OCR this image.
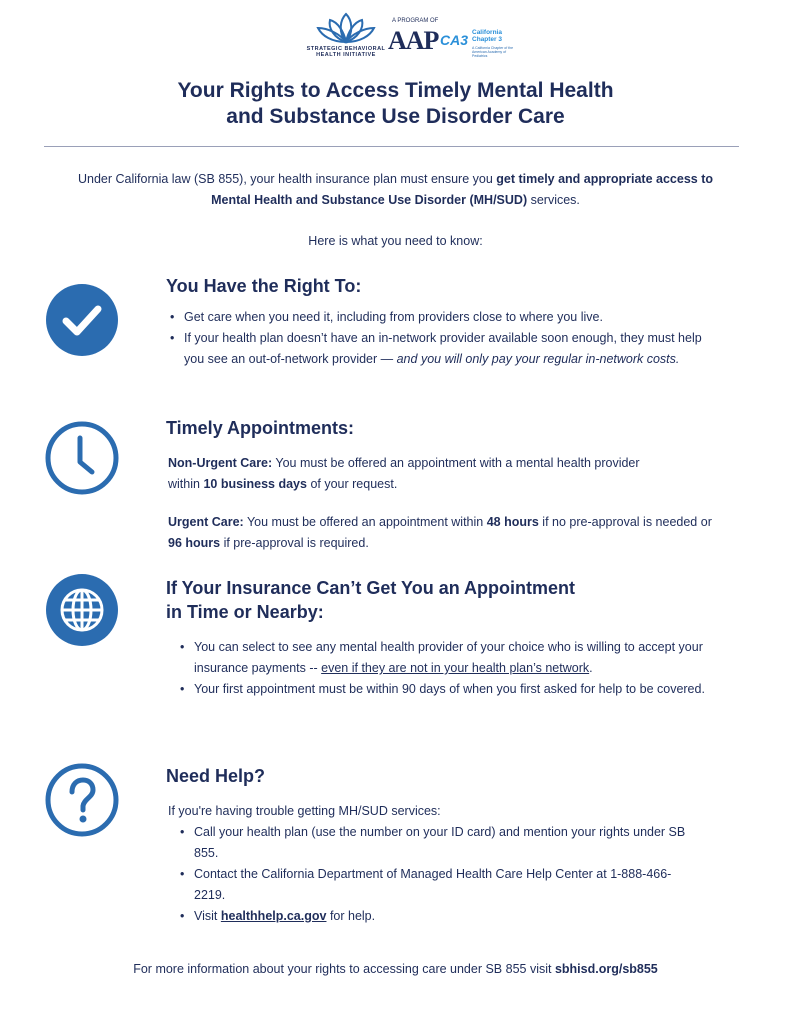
STRATEGIC BEHAVIORAL HEALTH INITIATIVE
A PROGRAM OF
AAP CA3 California Chapter 3
A California Chapter of the American Academy of Pediatrics
Your Rights to Access Timely Mental Health
and Substance Use Disorder Care
Under California law (SB 855), your health insurance plan must ensure you get timely and appropriate access to Mental Health and Substance Use Disorder (MH/SUD) services.
Here is what you need to know:
You Have the Right To:
• Get care when you need it, including from providers close to where you live.
• If your health plan doesn’t have an in-network provider available soon enough, they must help you see an out-of-network provider — and you will only pay your regular in-network costs.
Timely Appointments:
Non-Urgent Care: You must be offered an appointment with a mental health provider within 10 business days of your request.
Urgent Care: You must be offered an appointment within 48 hours if no pre-approval is needed or 96 hours if pre-approval is required.
If Your Insurance Can’t Get You an Appointment
in Time or Nearby:
• You can select to see any mental health provider of your choice who is willing to accept your insurance payments -- even if they are not in your health plan’s network.
• Your first appointment must be within 90 days of when you first asked for help to be covered.
Need Help?
If you're having trouble getting MH/SUD services:
• Call your health plan (use the number on your ID card) and mention your rights under SB 855.
• Contact the California Department of Managed Health Care Help Center at 1-888-466-2219.
• Visit healthhelp.ca.gov for help.
For more information about your rights to accessing care under SB 855 visit sbhisd.org/sb855
